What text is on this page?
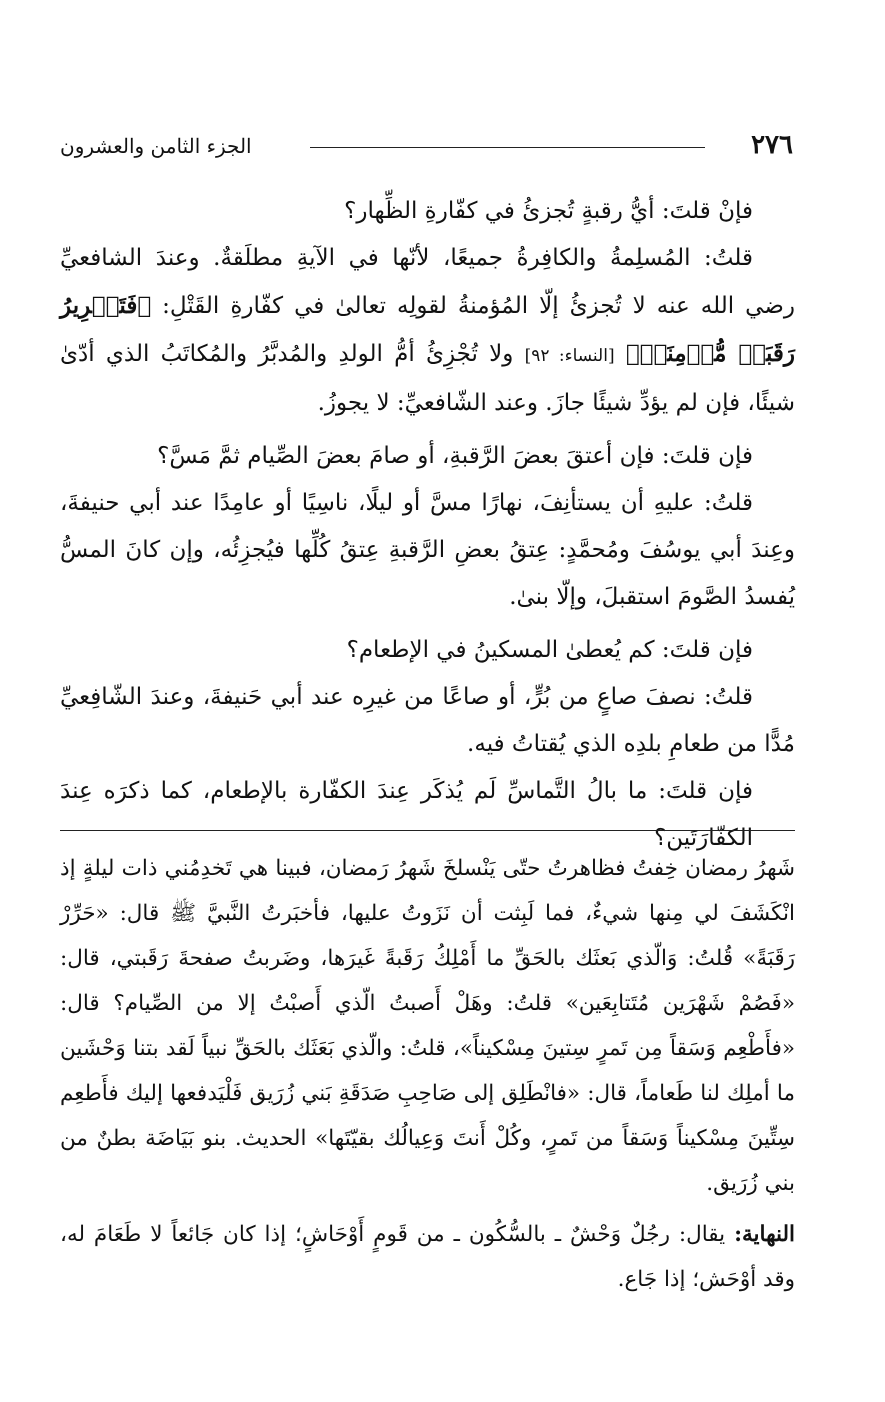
٢٧٦
الجزء الثامن والعشرون

فإنْ قلتَ: أيُّ رقبةٍ تُجزئُ في كفّارةِ الظِّهار؟

قلتُ: المُسلِمةُ والكافِرةُ جميعًا، لأنّها في الآيةِ مطلَقةٌ. وعندَ الشافعيِّ رضي الله عنه لا تُجزئُ إلّا المُؤمنةُ لقولِه تعالىٰ في كفّارةِ القَتْلِ: ﴿فَتَحۡرِيرُ رَقَبَةٖ مُّؤۡمِنَةٖ﴾ [النساء: ٩٢] ولا تُجْزِئُ أمُّ الولدِ والمُدبَّرُ والمُكاتَبُ الذي أدّىٰ شيئًا، فإن لم يؤدِّ شيئًا جازَ. وعند الشّافعيِّ: لا يجوزُ.

فإن قلتَ: فإن أعتقَ بعضَ الرَّقبةِ، أو صامَ بعضَ الصِّيام ثمَّ مَسَّ؟

قلتُ: عليهِ أن يستأنِفَ، نهارًا مسَّ أو ليلًا، ناسِيًا أو عامِدًا عند أبي حنيفةَ، وعِندَ أبي يوسُفَ ومُحمَّدٍ: عِتقُ بعضِ الرَّقبةِ عِتقُ كُلِّها فيُجزِئُه، وإن كانَ المسُّ يُفسدُ الصَّومَ استقبلَ، وإلّا بنىٰ.

فإن قلتَ: كم يُعطىٰ المسكينُ في الإطعام؟

قلتُ: نصفَ صاعٍ من بُرٍّ، أو صاعًا من غيرِه عند أبي حَنيفةَ، وعندَ الشّافِعيِّ مُدًّا من طعامِ بلدِه الذي يُقتاتُ فيه.

فإن قلتَ: ما بالُ التَّماسِّ لَم يُذكَر عِندَ الكفّارة بالإطعام، كما ذكرَه عِندَ الكفّارَتَين؟

شَهرُ رمضان خِفتُ فظاهرتُ حتّى يَنْسلخَ شَهرُ رَمضان، فبينا هي تَخدِمُني ذات ليلةٍ إذ انْكَشَفَ لي مِنها شيءٌ، فما لَبِثت أن نَزَوتُ عليها، فأخبَرتُ النَّبيَّ ﷺ قال: «حَرِّرْ رَقَبَةً» قُلتُ: وَالّذي بَعثَك بالحَقِّ ما أَمْلِكُ رَقَبةً غَيرَها، وضَربتُ صفحةَ رَقَبتي، قال: «فَصُمْ شَهْرَين مُتَتابِعَين» قلتُ: وهَلْ أَصبتُ الّذي أَصبْتُ إلا من الصِّيام؟ قال: «فأَطْعِم وَسَقاً مِن تَمرٍ سِتينَ مِسْكيناً»، قلتُ: والّذي بَعَثَك بالحَقِّ نبياً لَقد بتنا وَحْشَين ما أملِك لنا طَعاماً، قال: «فانْطَلِق إلى صَاحِبِ صَدَقَةِ بَني زُرَيق فَلْيَدفعها إليك فأَطعِم سِتِّينَ مِسْكيناً وَسَقاً من تَمرٍ، وكُلْ أَنتَ وَعِيالُك بقيّتَها» الحديث. بنو بَيَاضَة بطنٌ من بني زُرَيق.

النهاية: يقال: رجُلٌ وَحْشٌ ـ بالسُّكُون ـ من قَومٍ أَوْحَاشٍ؛ إذا كان جَائعاً لا طَعَامَ له، وقد أوْحَش؛ إذا جَاع.
